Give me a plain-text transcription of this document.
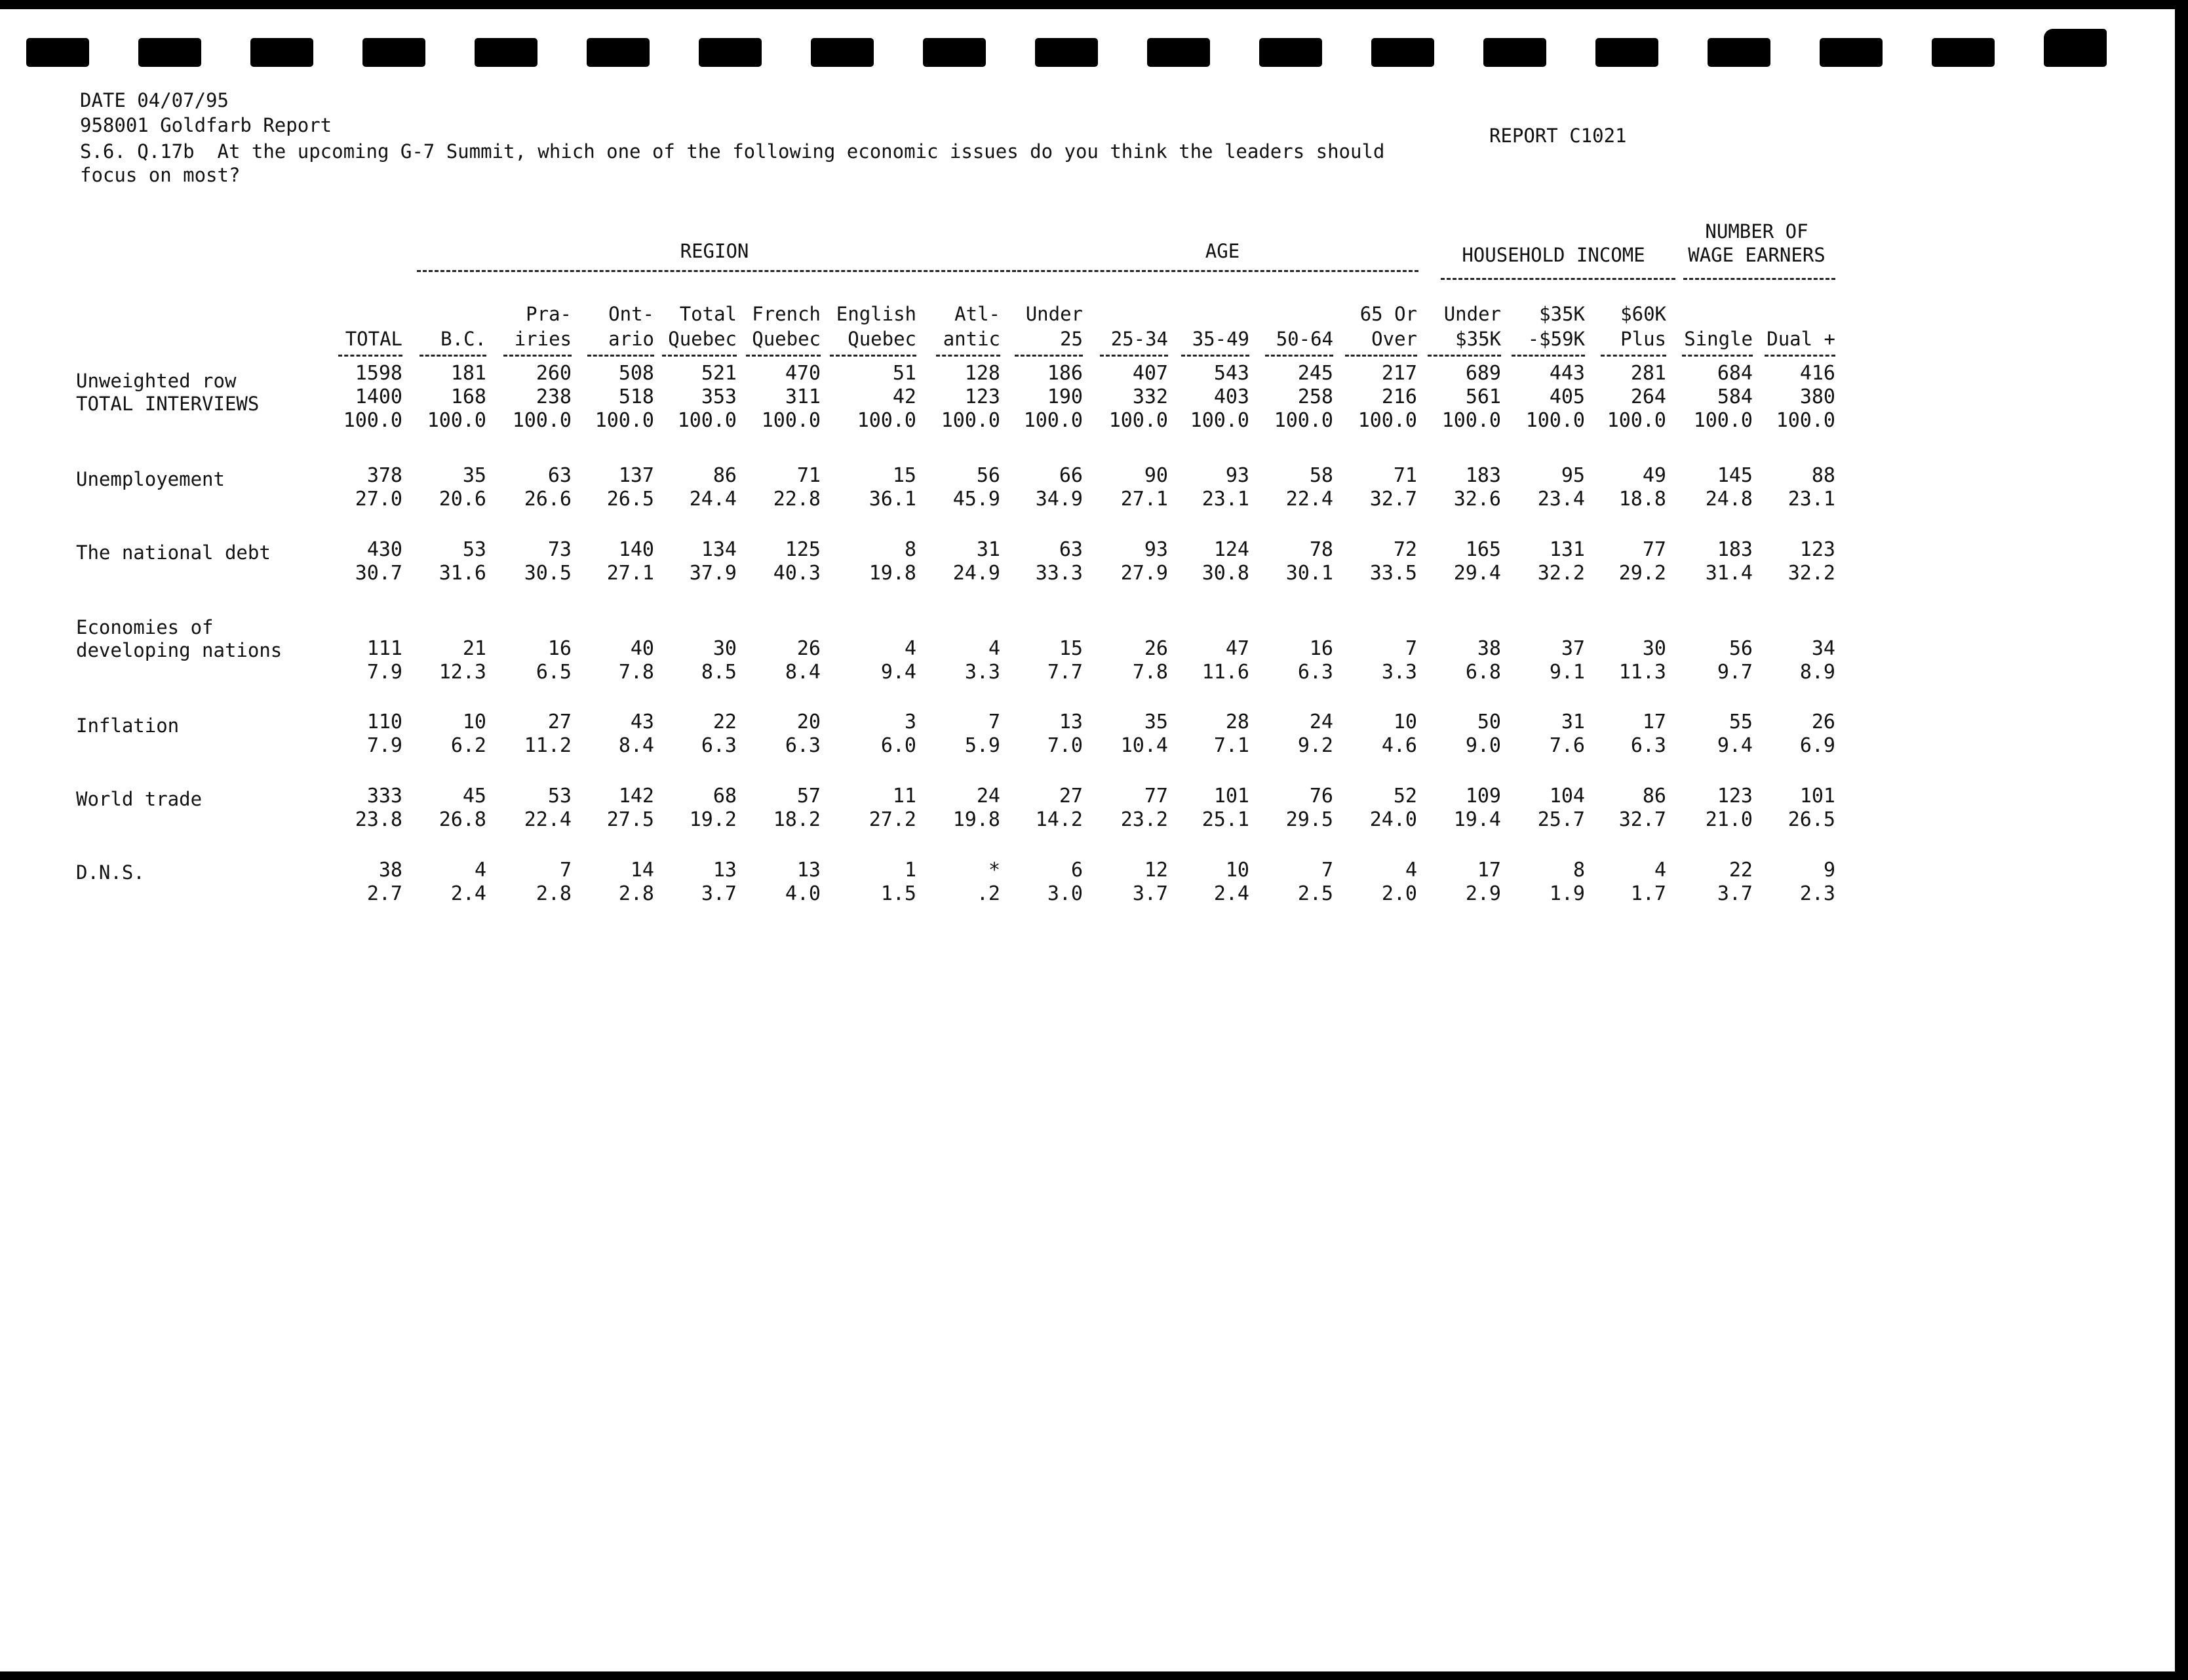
DATE 04/07/95
958001 Goldfarb Report
S.6. Q.17b  At the upcoming G-7 Summit, which one of the following economic issues do you think the leaders should
focus on most?
REPORT C1021
REGION	AGE	HOUSEHOLD INCOME
NUMBER OF
WAGE EARNERS
Unweighted row
TOTAL INTERVIEWS
Unemployement
The national debt
Economies of
developing nations
Inflation
World trade
D.N.S.
TOTAL
1598
1400
100.0
378
27.0
430
30.7
111
7.9
110
7.9
333
23.8
38
2.7
B.C.
181
168
100.0
35
20.6
53
31.6
21
12.3
10
6.2
45
26.8
4
2.4
Pra-
iries
260
238
100.0
63
26.6
73
30.5
16
6.5
27
11.2
53
22.4
7
2.8
Ont-
ario
508
518
100.0
137
26.5
140
27.1
40
7.8
43
8.4
142
27.5
14
2.8
Total
Quebec
521
353
100.0
86
24.4
134
37.9
30
8.5
22
6.3
68
19.2
13
3.7
French
Quebec
470
311
100.0
71
22.8
125
40.3
26
8.4
20
6.3
57
18.2
13
4.0
English
Quebec
51
42
100.0
15
36.1
8
19.8
4
9.4
3
6.0
11
27.2
1
1.5
Atl-
antic
128
123
100.0
56
45.9
31
24.9
4
3.3
7
5.9
24
19.8
*
.2
Under
25
186
190
100.0
66
34.9
63
33.3
15
7.7
13
7.0
27
14.2
6
3.0
25-34
407
332
100.0
90
27.1
93
27.9
26
7.8
35
10.4
77
23.2
12
3.7
35-49
543
403
100.0
93
23.1
124
30.8
47
11.6
28
7.1
101
25.1
10
2.4
50-64
245
258
100.0
58
22.4
78
30.1
16
6.3
24
9.2
76
29.5
7
2.5
65 Or
Over
217
216
100.0
71
32.7
72
33.5
7
3.3
10
4.6
52
24.0
4
2.0
Under
$35K
689
561
100.0
183
32.6
165
29.4
38
6.8
50
9.0
109
19.4
17
2.9
$35K
-$59K
443
405
100.0
95
23.4
131
32.2
37
9.1
31
7.6
104
25.7
8
1.9
$60K
Plus
281
264
100.0
49
18.8
77
29.2
30
11.3
17
6.3
86
32.7
4
1.7
Single
684
584
100.0
145
24.8
183
31.4
56
9.7
55
9.4
123
21.0
22
3.7
Dual +
416
380
100.0
88
23.1
123
32.2
34
8.9
26
6.9
101
26.5
9
2.3
